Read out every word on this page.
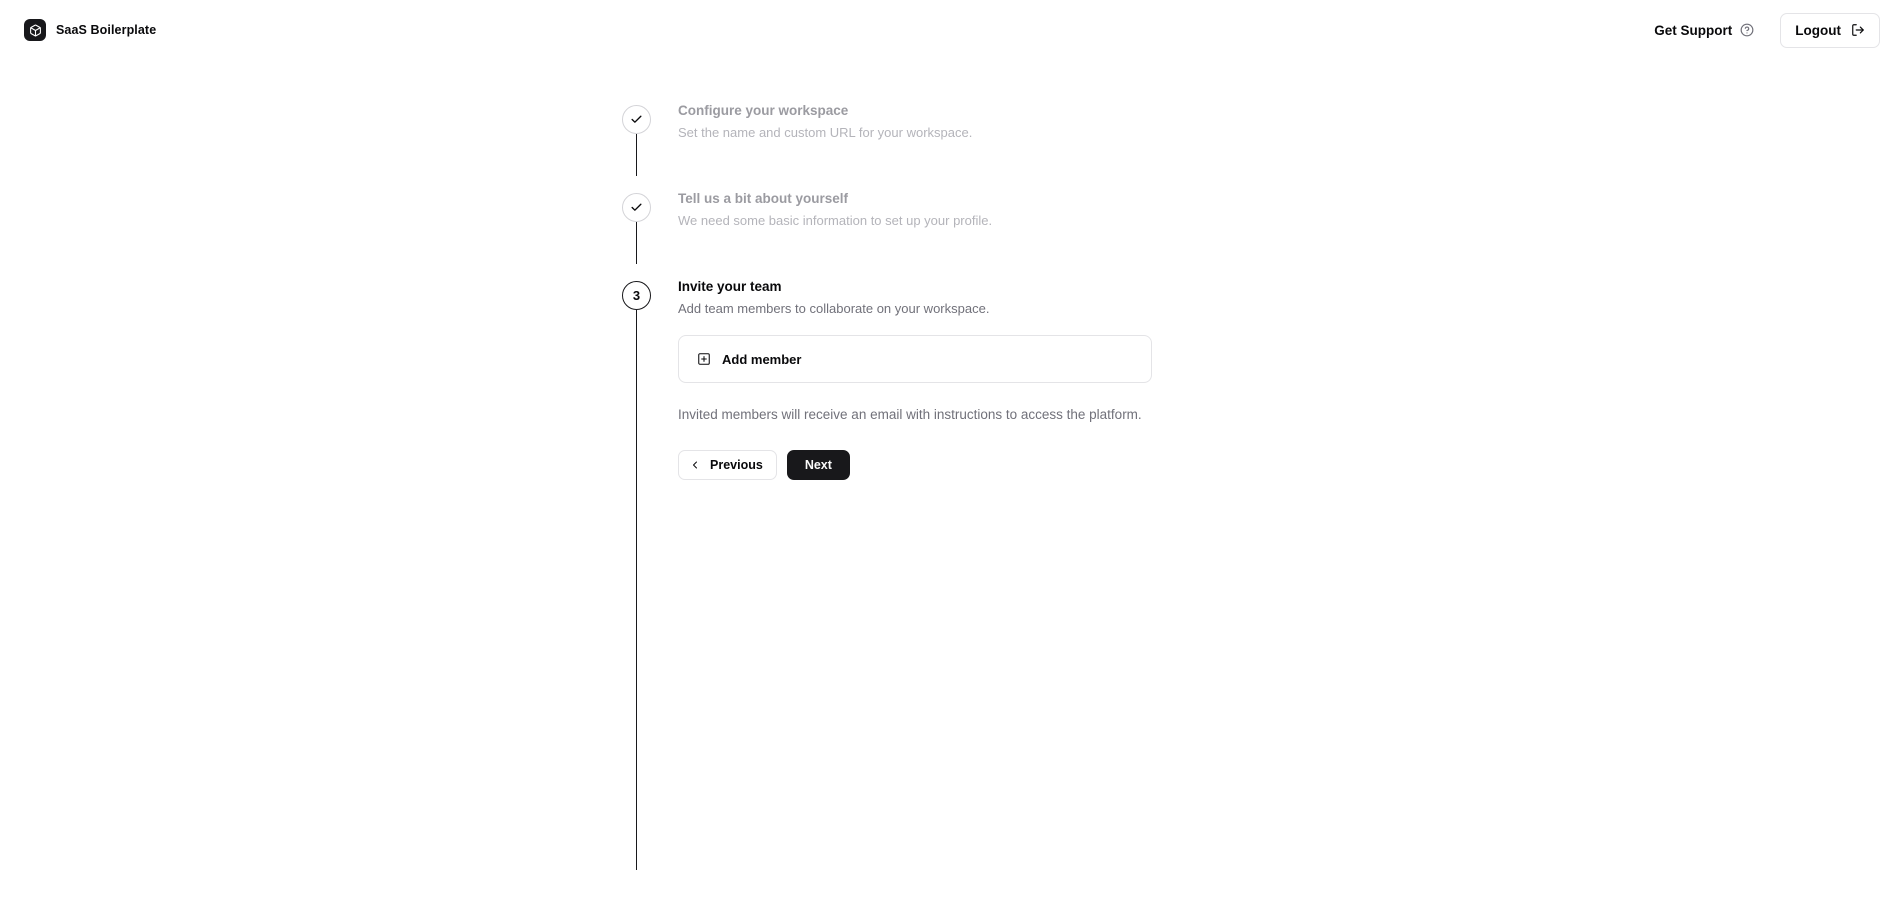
SaaS Boilerplate	Get Support	Logout
Configure your workspace
Set the name and custom URL for your workspace.
Tell us a bit about yourself
We need some basic information to set up your profile.
3
Invite your team
Add team members to collaborate on your workspace.
Add member
Invited members will receive an email with instructions to access the platform.
Previous	Next
